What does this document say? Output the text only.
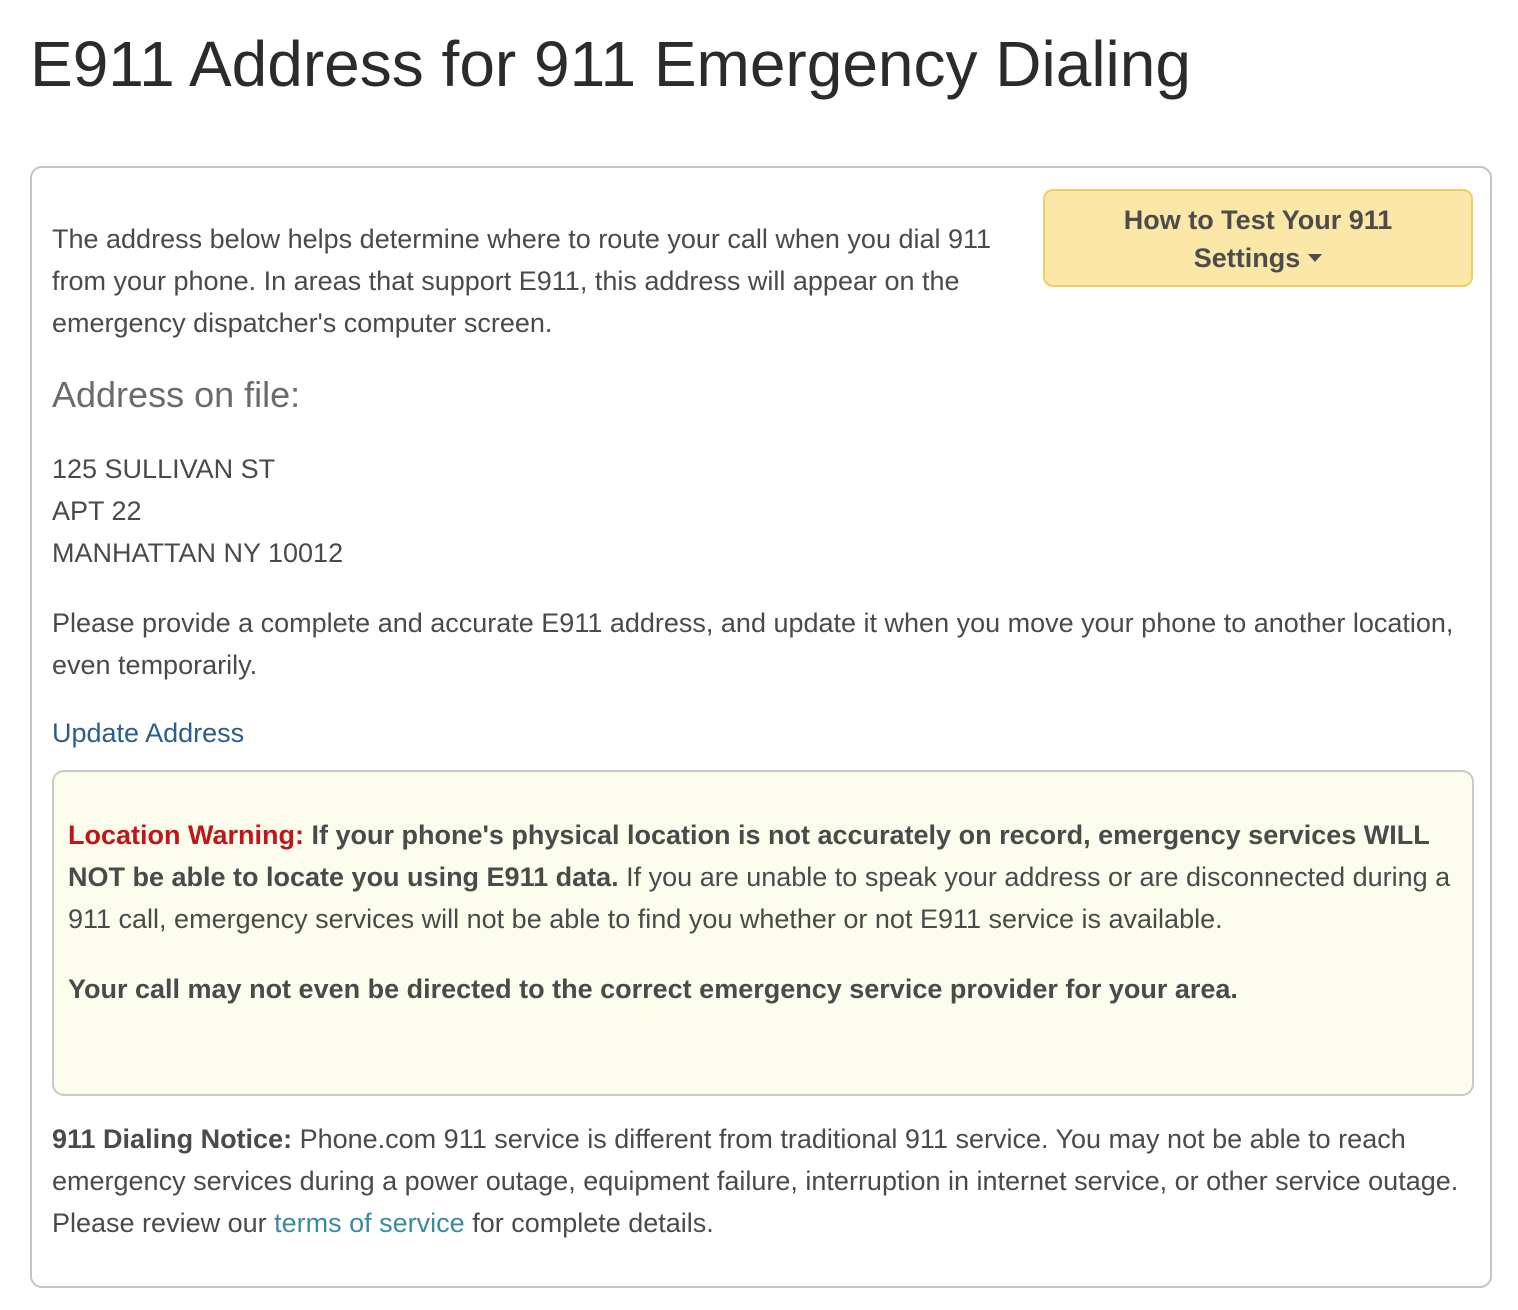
E911 Address for 911 Emergency Dialing
How to Test Your 911
Settings

The address below helps determine where to route your call when you dial 911 from your phone. In areas that support E911, this address will appear on the emergency dispatcher's computer screen.

Address on file:
125 SULLIVAN ST
APT 22
MANHATTAN NY 10012

Please provide a complete and accurate E911 address, and update it when you move your phone to another location, even temporarily.

Update Address

Location Warning: If your phone's physical location is not accurately on record, emergency services WILL NOT be able to locate you using E911 data. If you are unable to speak your address or are disconnected during a 911 call, emergency services will not be able to find you whether or not E911 service is available.

Your call may not even be directed to the correct emergency service provider for your area.

911 Dialing Notice: Phone.com 911 service is different from traditional 911 service. You may not be able to reach emergency services during a power outage, equipment failure, interruption in internet service, or other service outage. Please review our terms of service for complete details.
